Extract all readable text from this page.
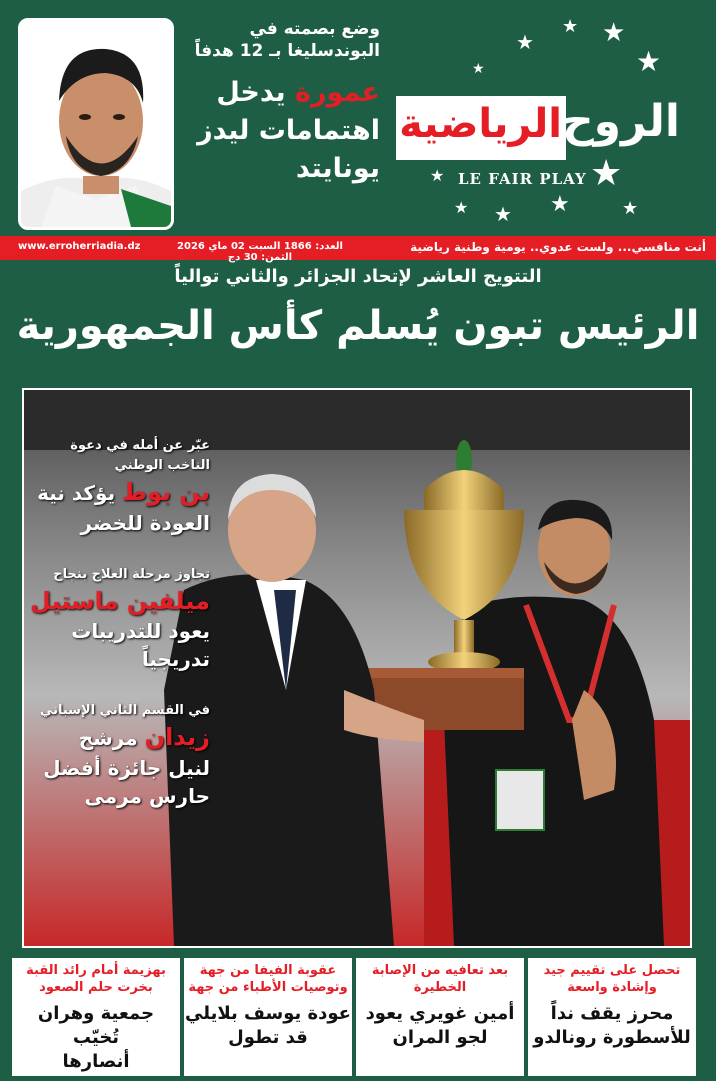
وضع بصمته في
البوندسليغا بـ 12 هدفاً
عمورة يدخل
اهتمامات ليدز
يونايتد
★
★ ★
★
★
★
★ ★ ★
★
★
الرياضية الروح
LE FAIR PLAY
أنت منافسي... ولست عدوي.. يومية وطنية رياضية
العدد: 1866 السبت 02 ماي 2026 الثمن: 30 دج
www.erroherriadia.dz
التتويج العاشر لإتحاد الجزائر والثاني توالياً
الرئيس تبون يُسلم كأس الجمهورية
عبّر عن أمله في دعوة
الناخب الوطني
بن بوط يؤكد نية
العودة للخضر
تجاوز مرحلة العلاج بنجاح
ميلفين ماستيل
يعود للتدريبات
تدريجياً
في القسم الثاني الإسباني
زيدان مرشح
لنيل جائزة أفضل
حارس مرمى
بهزيمة أمام رائد القبة
بخرت حلم الصعود
جمعية وهران تُخيّب
أنصارها
عقوبة الفيفا من جهة
وتوصيات الأطباء من جهة
عودة يوسف بلايلي
قد تطول
بعد تعافيه من الإصابة
الخطيرة
أمين غويري يعود
لجو المران
تحصل على تقييم جيد
وإشادة واسعة
محرز يقف نداً
للأسطورة رونالدو
